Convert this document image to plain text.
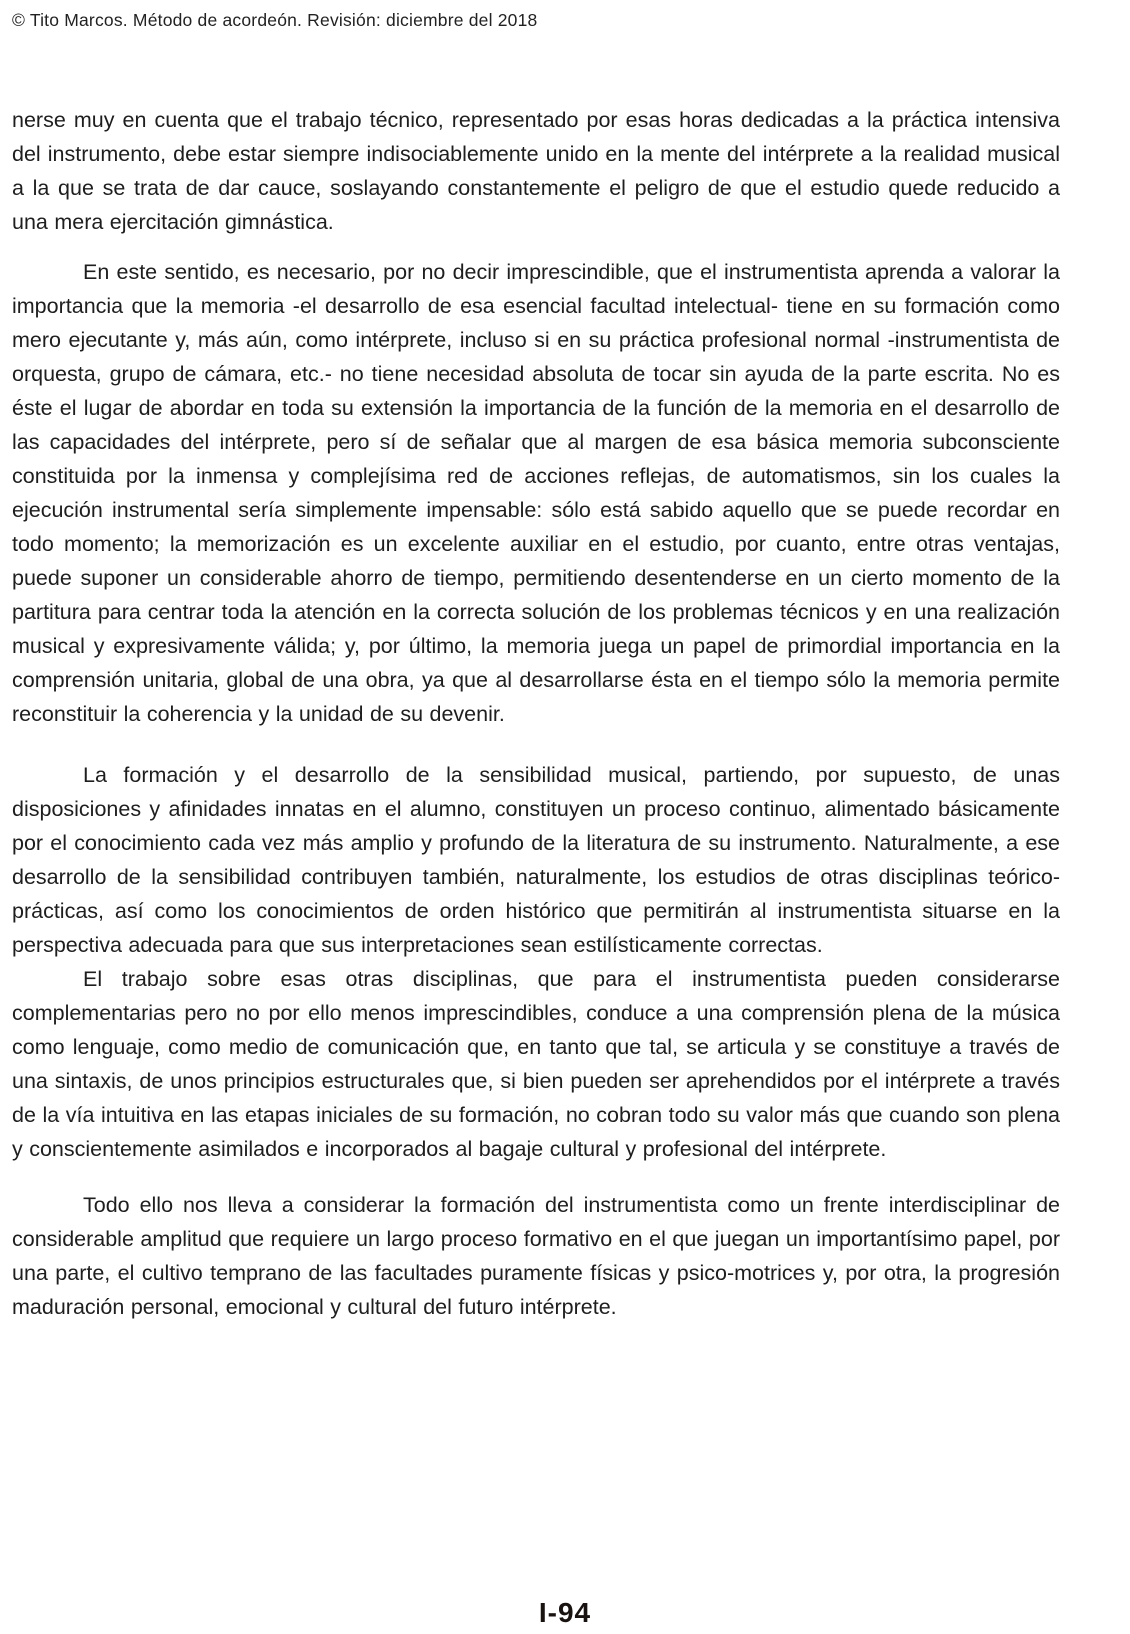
© Tito Marcos. Método de acordeón. Revisión: diciembre del 2018

nerse muy en cuenta que el trabajo técnico, representado por esas horas dedicadas a la práctica intensiva del instrumento, debe estar siempre indisociablemente unido en la mente del intérprete a la realidad musical a la que se trata de dar cauce, soslayando constantemente el peligro de que el estudio quede reducido a una mera ejercitación gimnástica.

En este sentido, es necesario, por no decir imprescindible, que el instrumentista aprenda a valorar la importancia que la memoria -el desarrollo de esa esencial facultad intelectual- tiene en su formación como mero ejecutante y, más aún, como intérprete, incluso si en su práctica profesional normal -instrumentista de orquesta, grupo de cámara, etc.- no tiene necesidad absoluta de tocar sin ayuda de la parte escrita. No es éste el lugar de abordar en toda su extensión la importancia de la función de la memoria en el desarrollo de las capacidades del intérprete, pero sí de señalar que al margen de esa básica memoria subconsciente constituida por la inmensa y complejísima red de acciones reflejas, de automatismos, sin los cuales la ejecución instrumental sería simplemente impensable: sólo está sabido aquello que se puede recordar en todo momento; la memorización es un excelente auxiliar en el estudio, por cuanto, entre otras ventajas, puede suponer un considerable ahorro de tiempo, permitiendo desentenderse en un cierto momento de la partitura para centrar toda la atención en la correcta solución de los problemas técnicos y en una realización musical y expresivamente válida; y, por último, la memoria juega un papel de primordial importancia en la comprensión unitaria, global de una obra, ya que al desarrollarse ésta en el tiempo sólo la memoria permite reconstituir la coherencia y la unidad de su devenir.

La formación y el desarrollo de la sensibilidad musical, partiendo, por supuesto, de unas disposiciones y afinidades innatas en el alumno, constituyen un proceso continuo, alimentado básicamente por el conocimiento cada vez más amplio y profundo de la literatura de su instrumento. Naturalmente, a ese desarrollo de la sensibilidad contribuyen también, naturalmente, los estudios de otras disciplinas teórico-prácticas, así como los conocimientos de orden histórico que permitirán al instrumentista situarse en la perspectiva adecuada para que sus interpretaciones sean estilísticamente correctas.

El trabajo sobre esas otras disciplinas, que para el instrumentista pueden considerarse complementarias pero no por ello menos imprescindibles, conduce a una comprensión plena de la música como lenguaje, como medio de comunicación que, en tanto que tal, se articula y se constituye a través de una sintaxis, de unos principios estructurales que, si bien pueden ser aprehendidos por el intérprete a través de la vía intuitiva en las etapas iniciales de su formación, no cobran todo su valor más que cuando son plena y conscientemente asimilados e incorporados al bagaje cultural y profesional del intérprete.

Todo ello nos lleva a considerar la formación del instrumentista como un frente interdisciplinar de considerable amplitud que requiere un largo proceso formativo en el que juegan un importantísimo papel, por una parte, el cultivo temprano de las facultades puramente físicas y psico-motrices y, por otra, la progresión maduración personal, emocional y cultural del futuro intérprete.

I-94
